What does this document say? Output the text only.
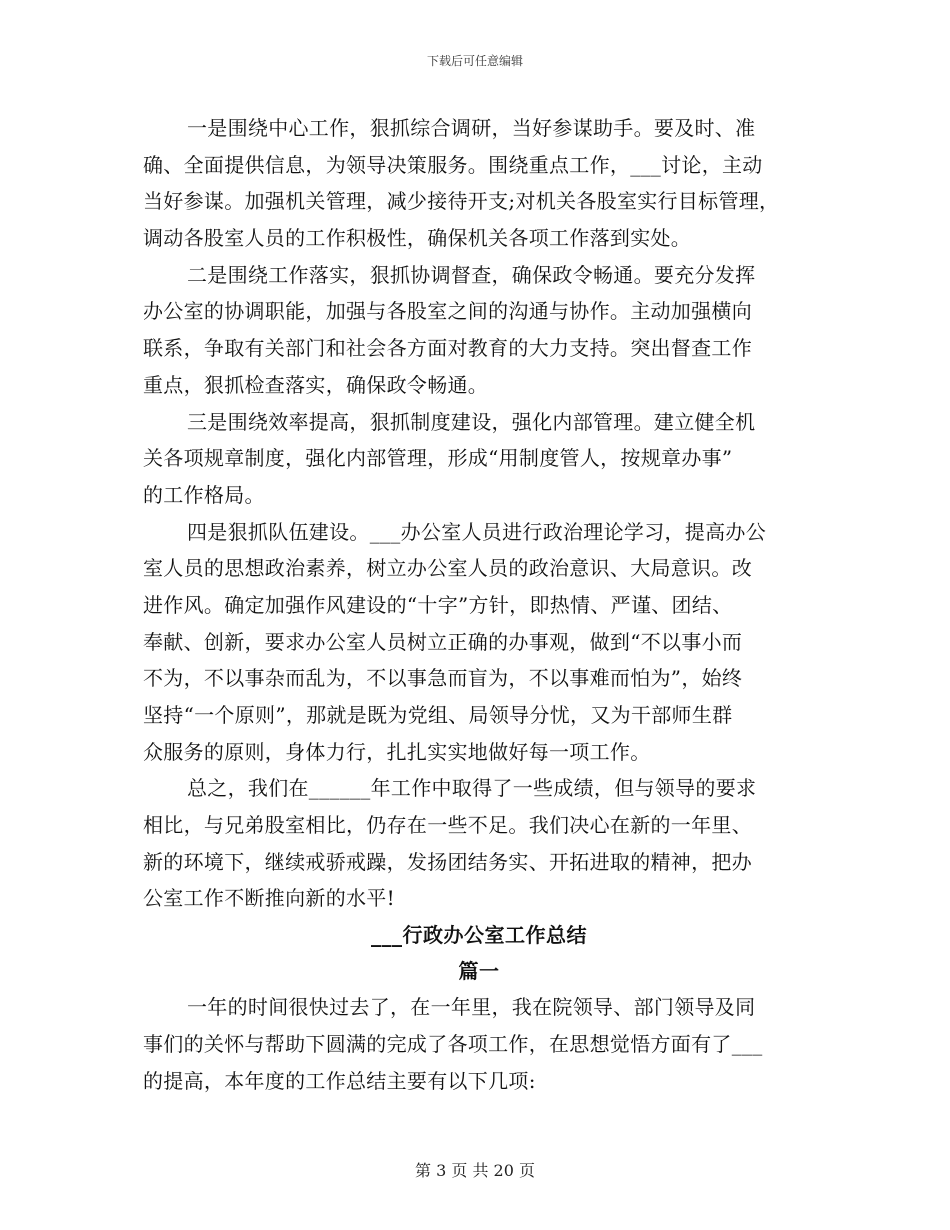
下载后可任意编辑
一是围绕中心工作，狠抓综合调研，当好参谋助手。要及时、准
确、全面提供信息，为领导决策服务。围绕重点工作，___讨论，主动
当好参谋。加强机关管理，减少接待开支;对机关各股室实行目标管理，
调动各股室人员的工作积极性，确保机关各项工作落到实处。
二是围绕工作落实，狠抓协调督查，确保政令畅通。要充分发挥
办公室的协调职能，加强与各股室之间的沟通与协作。主动加强横向
联系，争取有关部门和社会各方面对教育的大力支持。突出督查工作
重点，狠抓检查落实，确保政令畅通。
三是围绕效率提高，狠抓制度建设，强化内部管理。建立健全机
关各项规章制度，强化内部管理，形成“用制度管人，按规章办事”
的工作格局。
四是狠抓队伍建设。___办公室人员进行政治理论学习，提高办公
室人员的思想政治素养，树立办公室人员的政治意识、大局意识。改
进作风。确定加强作风建设的“十字”方针，即热情、严谨、团结、
奉献、创新，要求办公室人员树立正确的办事观，做到“不以事小而
不为，不以事杂而乱为，不以事急而盲为，不以事难而怕为”，始终
坚持“一个原则”，那就是既为党组、局领导分忧，又为干部师生群
众服务的原则，身体力行，扎扎实实地做好每一项工作。
总之，我们在______年工作中取得了一些成绩，但与领导的要求
相比，与兄弟股室相比，仍存在一些不足。我们决心在新的一年里、
新的环境下，继续戒骄戒躁，发扬团结务实、开拓进取的精神，把办
公室工作不断推向新的水平!
___行政办公室工作总结
篇一
一年的时间很快过去了，在一年里，我在院领导、部门领导及同
事们的关怀与帮助下圆满的完成了各项工作，在思想觉悟方面有了___
的提高，本年度的工作总结主要有以下几项:
第 3 页 共 20 页
